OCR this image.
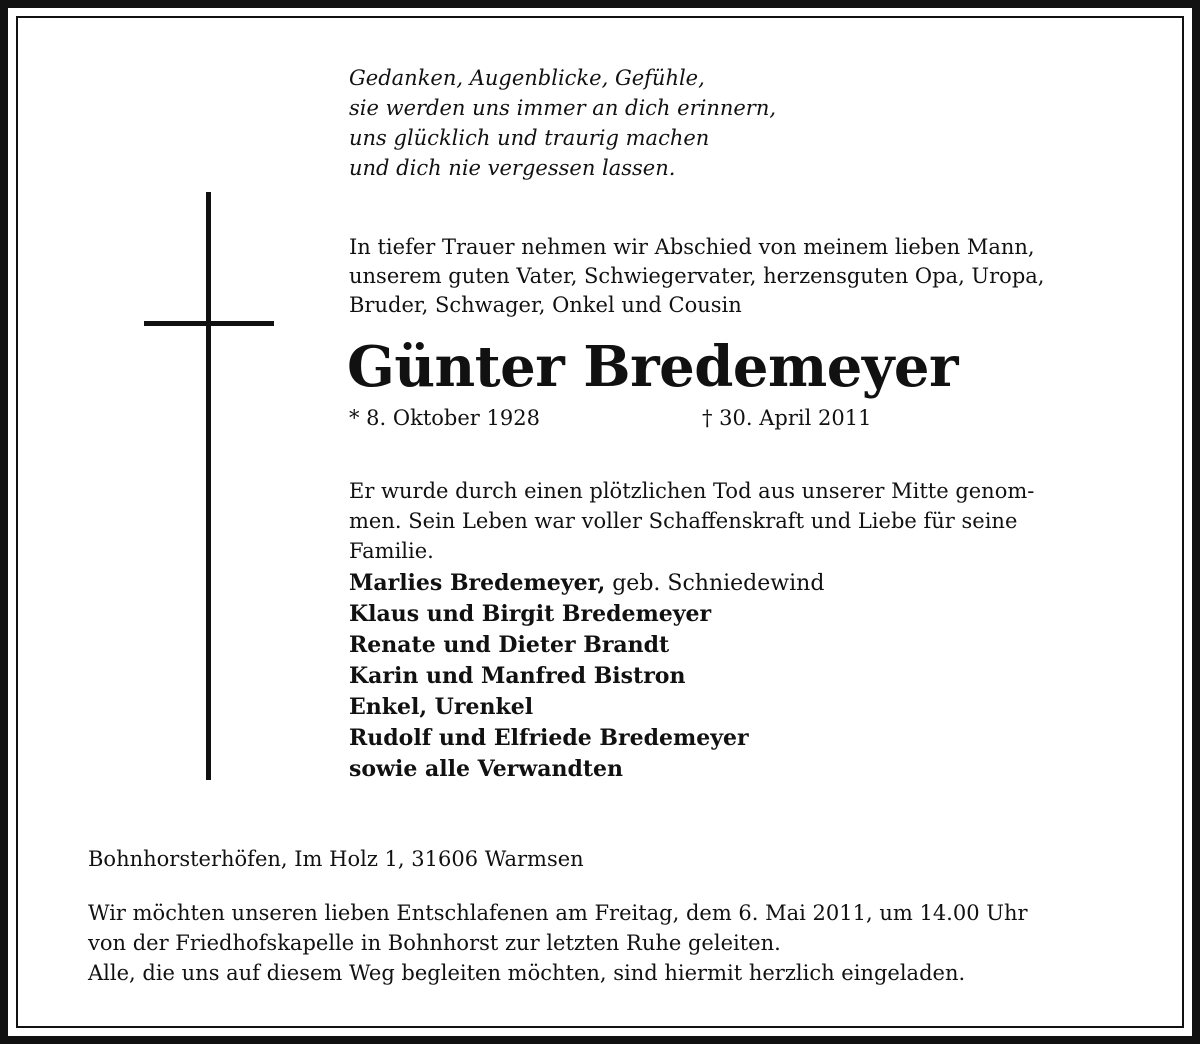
Gedanken, Augenblicke, Gefühle,
sie werden uns immer an dich erinnern,
uns glücklich und traurig machen
und dich nie vergessen lassen.
In tiefer Trauer nehmen wir Abschied von meinem lieben Mann,
unserem guten Vater, Schwiegervater, herzensguten Opa, Uropa,
Bruder, Schwager, Onkel und Cousin
Günter Bredemeyer
* 8. Oktober 1928	† 30. April 2011
Er wurde durch einen plötzlichen Tod aus unserer Mitte genom-
men. Sein Leben war voller Schaffenskraft und Liebe für seine
Familie.
Marlies Bredemeyer, geb. Schniedewind
Klaus und Birgit Bredemeyer
Renate und Dieter Brandt
Karin und Manfred Bistron
Enkel, Urenkel
Rudolf und Elfriede Bredemeyer
sowie alle Verwandten
Bohnhorsterhöfen, Im Holz 1, 31606 Warmsen
Wir möchten unseren lieben Entschlafenen am Freitag, dem 6. Mai 2011, um 14.00 Uhr
von der Friedhofskapelle in Bohnhorst zur letzten Ruhe geleiten.
Alle, die uns auf diesem Weg begleiten möchten, sind hiermit herzlich eingeladen.
